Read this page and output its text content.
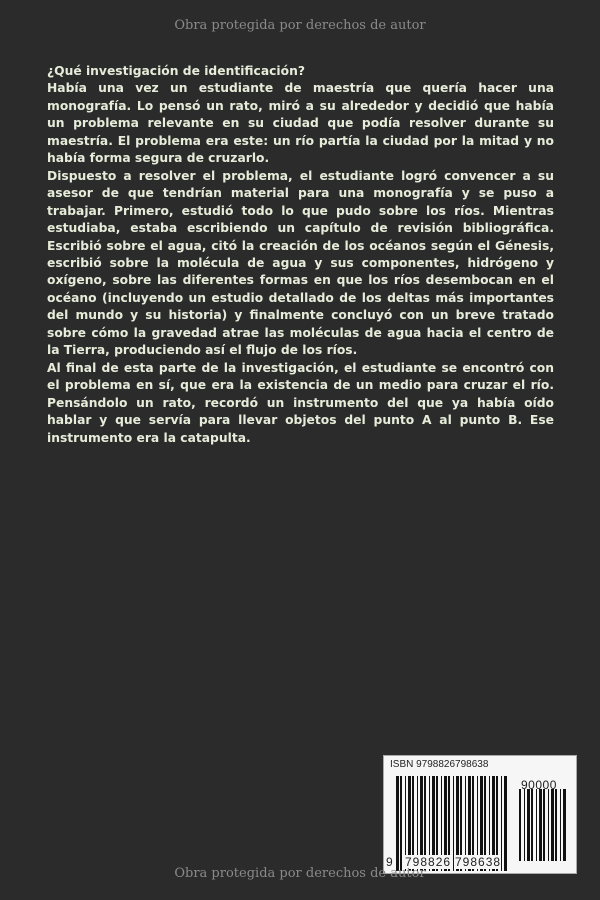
Obra protegida por derechos de autor

¿Qué investigación de identificación?

Había una vez un estudiante de maestría que quería hacer una monografía. Lo pensó un rato, miró a su alrededor y decidió que había un problema relevante en su ciudad que podía resolver durante su maestría. El problema era este: un río partía la ciudad por la mitad y no había forma segura de cruzarlo.

Dispuesto a resolver el problema, el estudiante logró convencer a su asesor de que tendrían material para una monografía y se puso a trabajar. Primero, estudió todo lo que pudo sobre los ríos. Mientras estudiaba, estaba escribiendo un capítulo de revisión bibliográfica. Escribió sobre el agua, citó la creación de los océanos según el Génesis, escribió sobre la molécula de agua y sus componentes, hidrógeno y oxígeno, sobre las diferentes formas en que los ríos desembocan en el océano (incluyendo un estudio detallado de los deltas más importantes del mundo y su historia) y finalmente concluyó con un breve tratado sobre cómo la gravedad atrae las moléculas de agua hacia el centro de la Tierra, produciendo así el flujo de los ríos.

Al final de esta parte de la investigación, el estudiante se encontró con el problema en sí, que era la existencia de un medio para cruzar el río. Pensándolo un rato, recordó un instrumento del que ya había oído hablar y que servía para llevar objetos del punto A al punto B. Ese instrumento era la catapulta.

ISBN 9798826798638
90000
9 798826 798638
Obra protegida por derechos de autor
